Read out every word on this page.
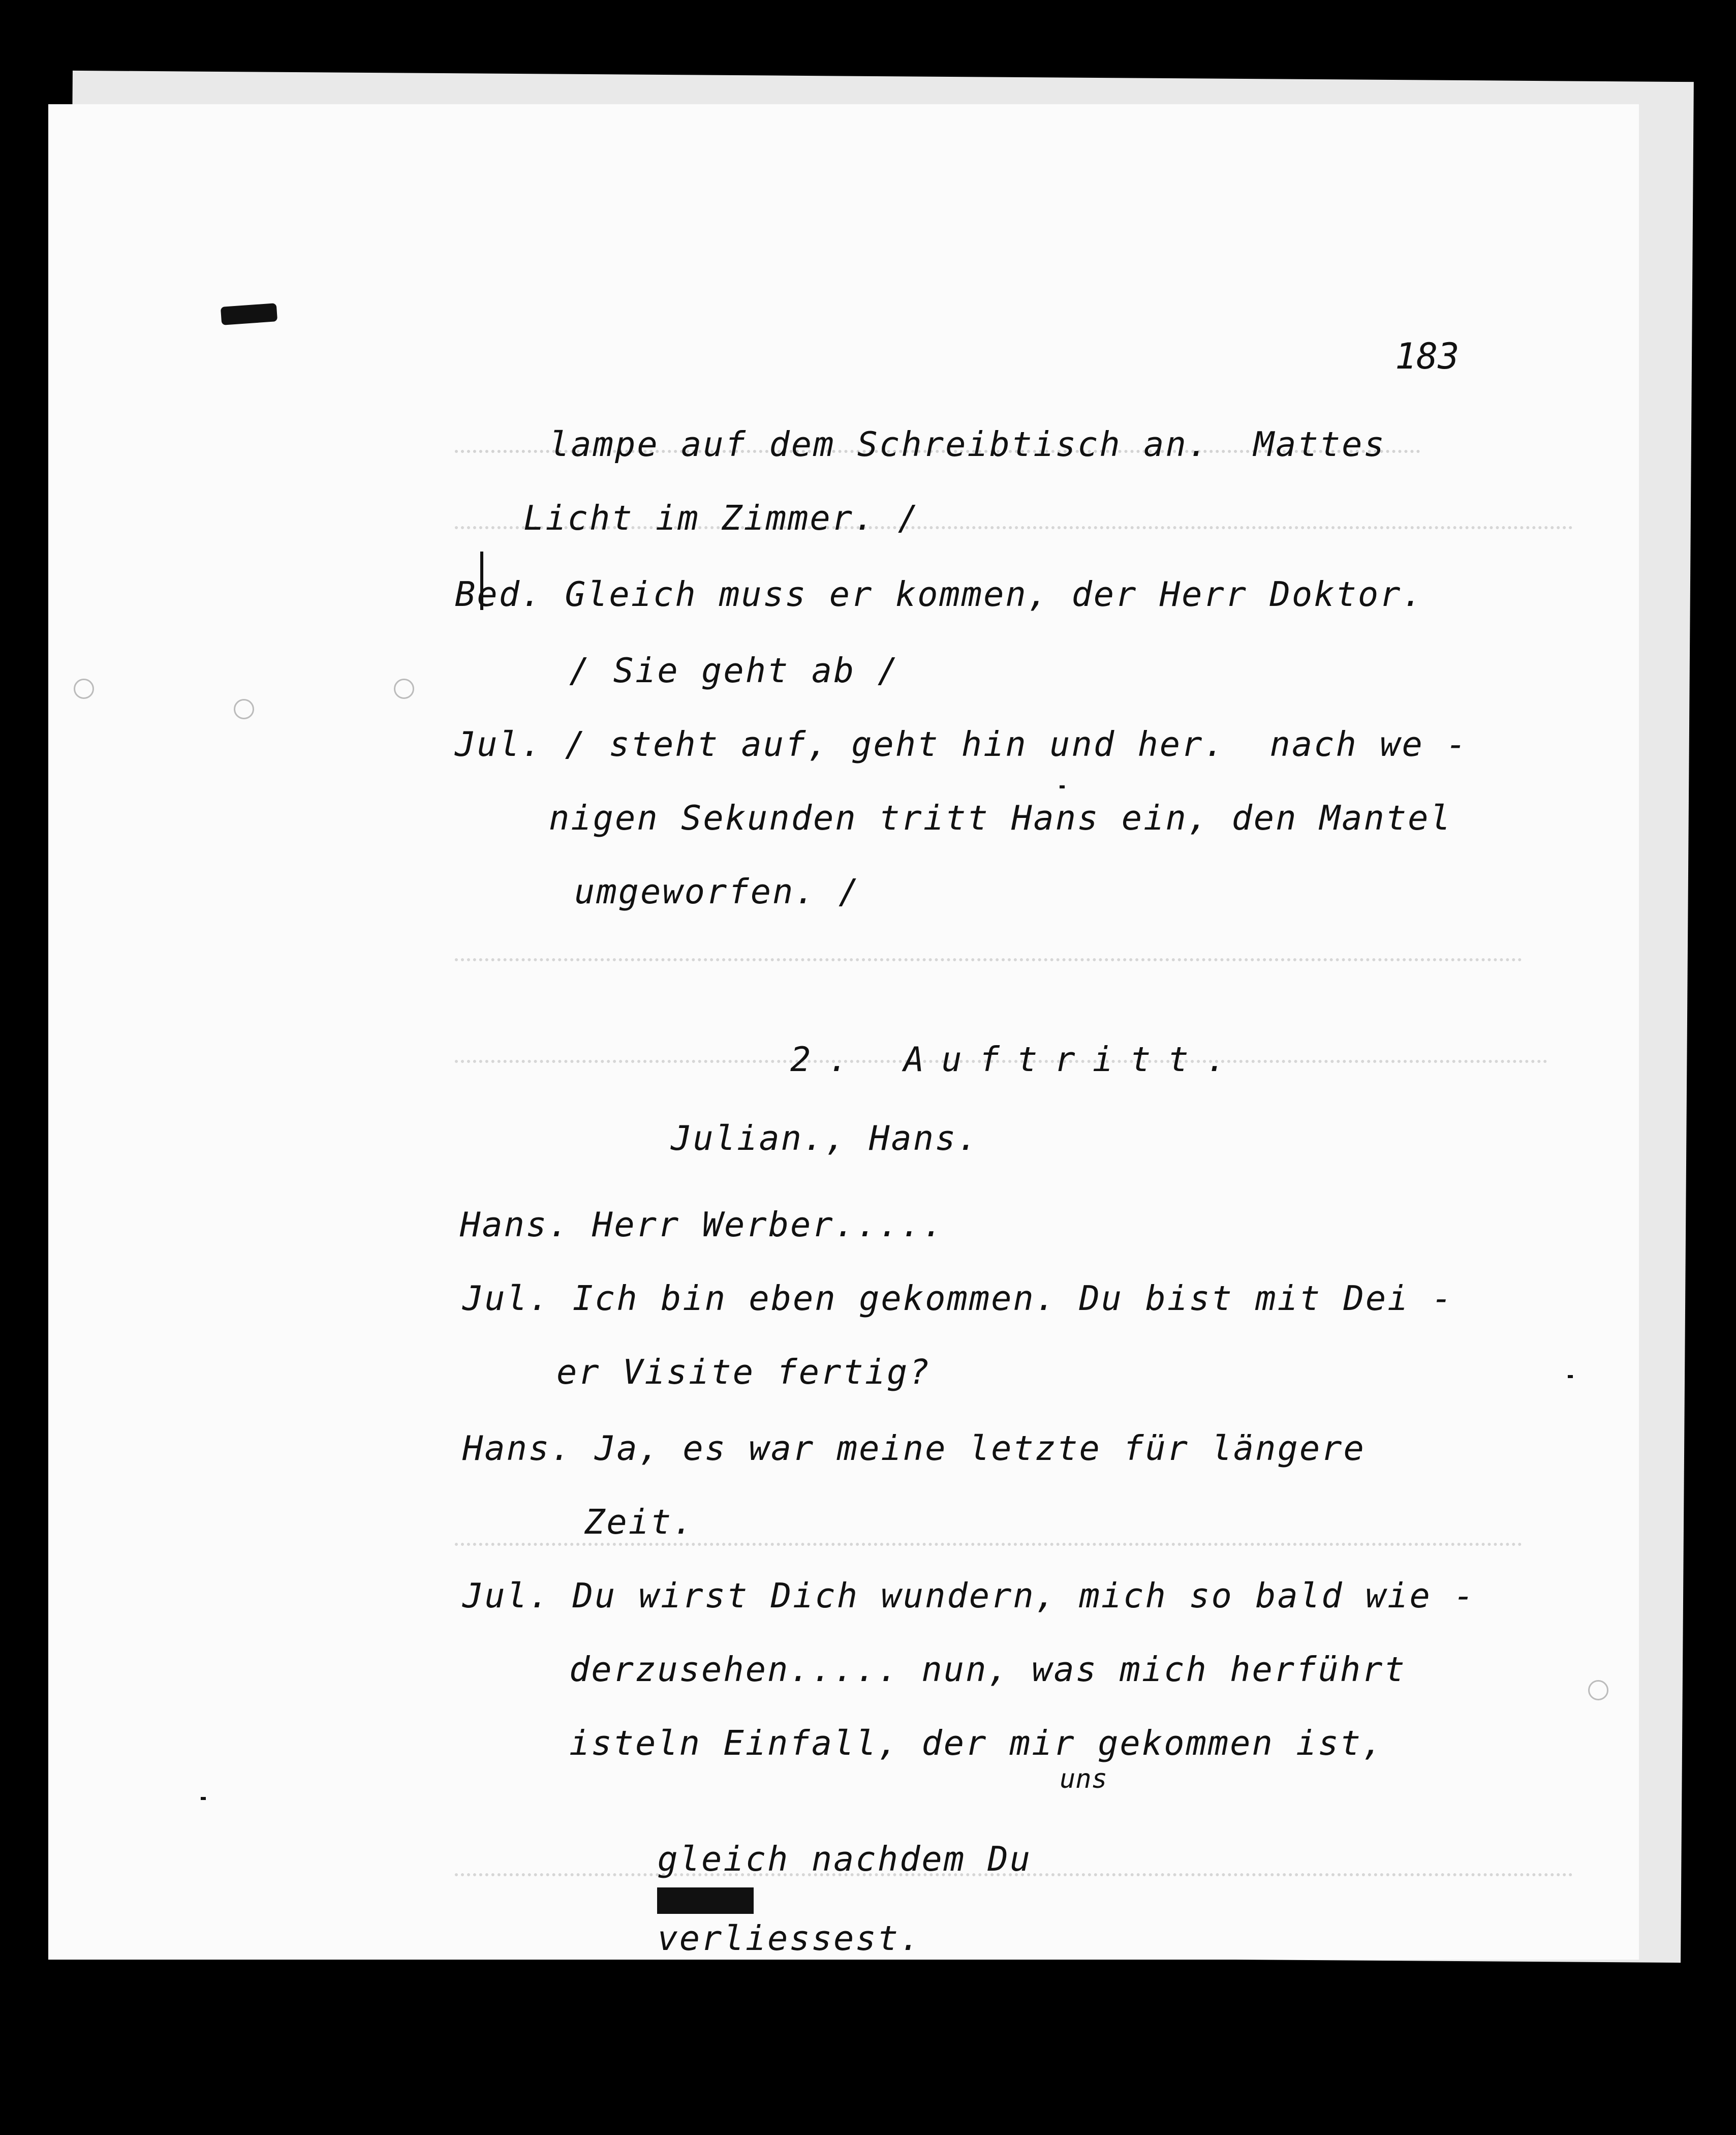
183
lampe auf dem Schreibtisch an.  Mattes
Licht im Zimmer. /
Bed. Gleich muss er kommen, der Herr Doktor.
/ Sie geht ab /
Jul. / steht auf, geht hin und her.  nach we -
nigen Sekunden tritt Hans ein, den Mantel
umgeworfen. /
2. Auftritt.
Julian., Hans.
Hans. Herr Werber.....
Jul. Ich bin eben gekommen. Du bist mit Dei -
er Visite fertig?
Hans. Ja, es war meine letzte für längere
Zeit.
Jul. Du wirst Dich wundern, mich so bald wie -
derzusehen..... nun, was mich herführt
isteln Einfall, der mir gekommen ist,

gleich nachdem Du

verliessest.

uns
